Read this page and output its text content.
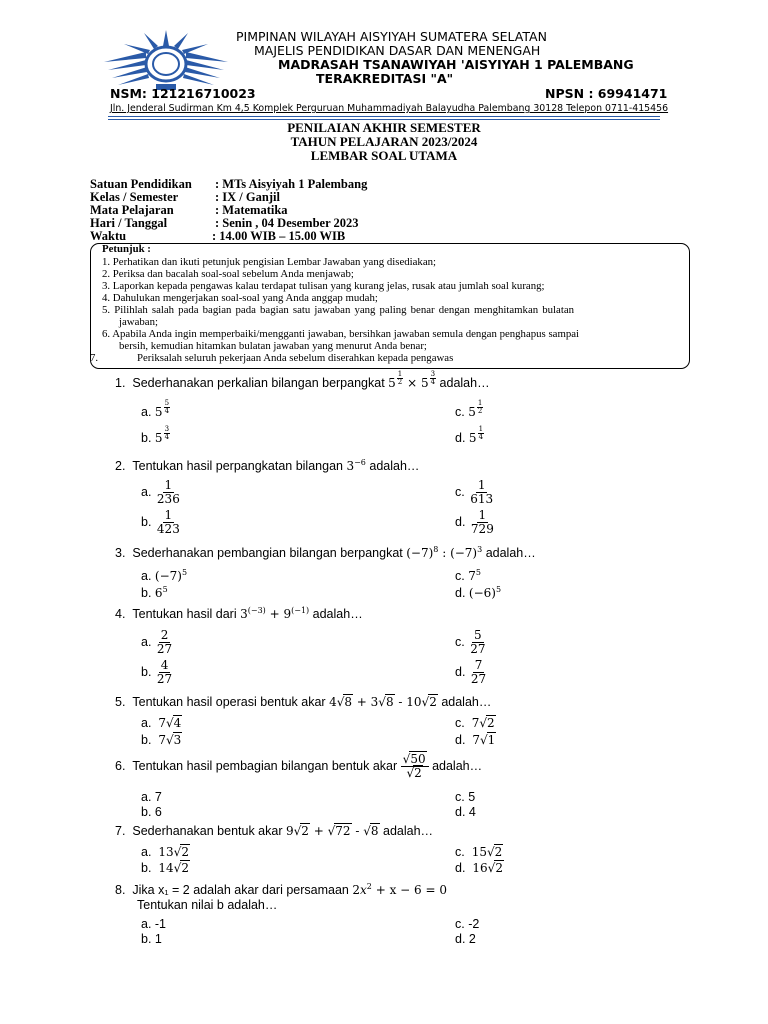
PIMPINAN WILAYAH AISYIYAH SUMATERA SELATAN
MAJELIS PENDIDIKAN DASAR DAN MENENGAH
MADRASAH TSANAWIYAH 'AISYIYAH 1 PALEMBANG
TERAKREDITASI "A"
NSM: 121216710023	NPSN : 69941471
Jln. Jenderal Sudirman Km 4,5 Komplek Perguruan Muhammadiyah Balayudha Palembang 30128 Telepon 0711-415456
PENILAIAN AKHIR SEMESTER
TAHUN PELAJARAN 2023/2024
LEMBAR SOAL UTAMA
Satuan Pendidikan : MTs Aisyiyah 1 Palembang
Kelas / Semester	: IX / Ganjil
Mata Pelajaran	: Matematika
Hari / Tanggal	: Senin , 04 Desember 2023
Waktu	: 14.00 WIB – 15.00 WIB
Petunjuk :
1. Perhatikan dan ikuti petunjuk pengisian Lembar Jawaban yang disediakan;
2. Periksa dan bacalah soal-soal sebelum Anda menjawab;
3. Laporkan kepada pengawas kalau terdapat tulisan yang kurang jelas, rusak atau jumlah soal kurang;
4. Dahulukan mengerjakan soal-soal yang Anda anggap mudah;
5. Pilihlah salah pada bagian pada bagian satu jawaban yang paling benar dengan menghitamkan bulatan
jawaban;
6. Apabila Anda ingin memperbaiki/mengganti jawaban, bersihkan jawaban semula dengan penghapus sampai
bersih, kemudian hitamkan bulatan jawaban yang menurut Anda benar;
7.	Periksalah seluruh pekerjaan Anda sebelum diserahkan kepada pengawas
1. Sederhanakan perkalian bilangan berpangkat $5 \frac{1}{2} \times 5 \frac{3}{4}$ adalah…
a. $5 \frac{5}{4}$	c. $5 \frac{1}{2}$
b. $5 \frac{3}{4}$	d. $5 \frac{1}{4}$
2. Tentukan hasil perpangkatan bilangan $3^{-6}$ adalah…
a. $\frac{1}{236}$	c. $\frac{1}{613}$
b. $\frac{1}{423}$	d. $\frac{1}{729}$
3. Sederhanakan pembangian bilangan berpangkat $(-7)^8$ : $(-7)^3$ adalah…
a. $(-7)^5$	c. $7^5$
b. $6^5$	d. $(-6)^5$
4. Tentukan hasil dari $3^{(-3)} + 9^{(-1)}$ adalah…
a. $\frac{2}{27}$	c. $\frac{5}{27}$
b. $\frac{4}{27}$	d. $\frac{7}{27}$
5. Tentukan hasil operasi bentuk akar 4√8 + 3√8 - 10√2 adalah…
a. 7√4	c. 7√2
b. 7√3	d. 7√1
6. Tentukan hasil pembagian bilangan bentuk akar $\frac{√50}{√2}$ adalah…
a. 7	c. 5
b. 6	d. 4
7. Sederhanakan bentuk akar 9√2 + √72 - √8 adalah…
a. 13√2	c. 15√2
b. 14√2	d. 16√2
8. Jika x₁ = 2 adalah akar dari persamaan $2x^2 + x - 6 = 0$
Tentukan nilai b adalah…
a. -1	c. -2
b. 1	d. 2
